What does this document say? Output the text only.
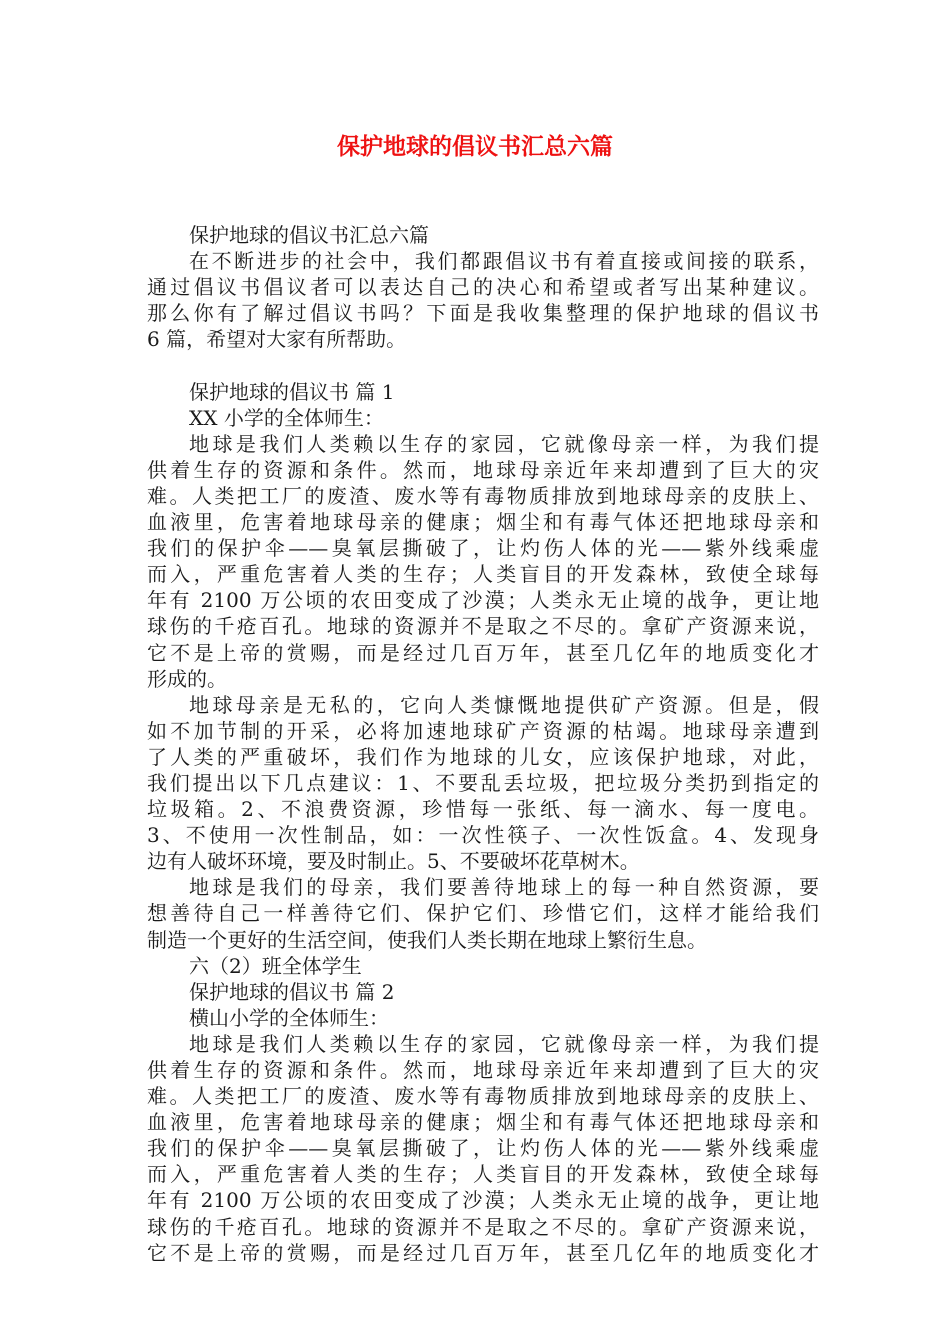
保护地球的倡议书汇总六篇
保护地球的倡议书汇总六篇
在不断进步的社会中，我们都跟倡议书有着直接或间接的联系，
通过倡议书倡议者可以表达自己的决心和希望或者写出某种建议。
那么你有了解过倡议书吗？下面是我收集整理的保护地球的倡议书
6 篇，希望对大家有所帮助。
保护地球的倡议书 篇 1
XX 小学的全体师生：
地球是我们人类赖以生存的家园，它就像母亲一样，为我们提
供着生存的资源和条件。然而，地球母亲近年来却遭到了巨大的灾
难。人类把工厂的废渣、废水等有毒物质排放到地球母亲的皮肤上、
血液里，危害着地球母亲的健康；烟尘和有毒气体还把地球母亲和
我们的保护伞——臭氧层撕破了，让灼伤人体的光——紫外线乘虚
而入，严重危害着人类的生存；人类盲目的开发森林，致使全球每
年有 2100 万公顷的农田变成了沙漠；人类永无止境的战争，更让地
球伤的千疮百孔。地球的资源并不是取之不尽的。拿矿产资源来说，
它不是上帝的赏赐，而是经过几百万年，甚至几亿年的地质变化才
形成的。
地球母亲是无私的，它向人类慷慨地提供矿产资源。但是，假
如不加节制的开采，必将加速地球矿产资源的枯竭。地球母亲遭到
了人类的严重破坏，我们作为地球的儿女，应该保护地球，对此，
我们提出以下几点建议：1、不要乱丢垃圾，把垃圾分类扔到指定的
垃圾箱。2、不浪费资源，珍惜每一张纸、每一滴水、每一度电。
3、不使用一次性制品，如：一次性筷子、一次性饭盒。4、发现身
边有人破坏环境，要及时制止。5、不要破坏花草树木。
地球是我们的母亲，我们要善待地球上的每一种自然资源，要
想善待自己一样善待它们、保护它们、珍惜它们，这样才能给我们
制造一个更好的生活空间，使我们人类长期在地球上繁衍生息。
六（2）班全体学生
保护地球的倡议书 篇 2
横山小学的全体师生：
地球是我们人类赖以生存的家园，它就像母亲一样，为我们提
供着生存的资源和条件。然而，地球母亲近年来却遭到了巨大的灾
难。人类把工厂的废渣、废水等有毒物质排放到地球母亲的皮肤上、
血液里，危害着地球母亲的健康；烟尘和有毒气体还把地球母亲和
我们的保护伞——臭氧层撕破了，让灼伤人体的光——紫外线乘虚
而入，严重危害着人类的生存；人类盲目的开发森林，致使全球每
年有 2100 万公顷的农田变成了沙漠；人类永无止境的战争，更让地
球伤的千疮百孔。地球的资源并不是取之不尽的。拿矿产资源来说，
它不是上帝的赏赐，而是经过几百万年，甚至几亿年的地质变化才
